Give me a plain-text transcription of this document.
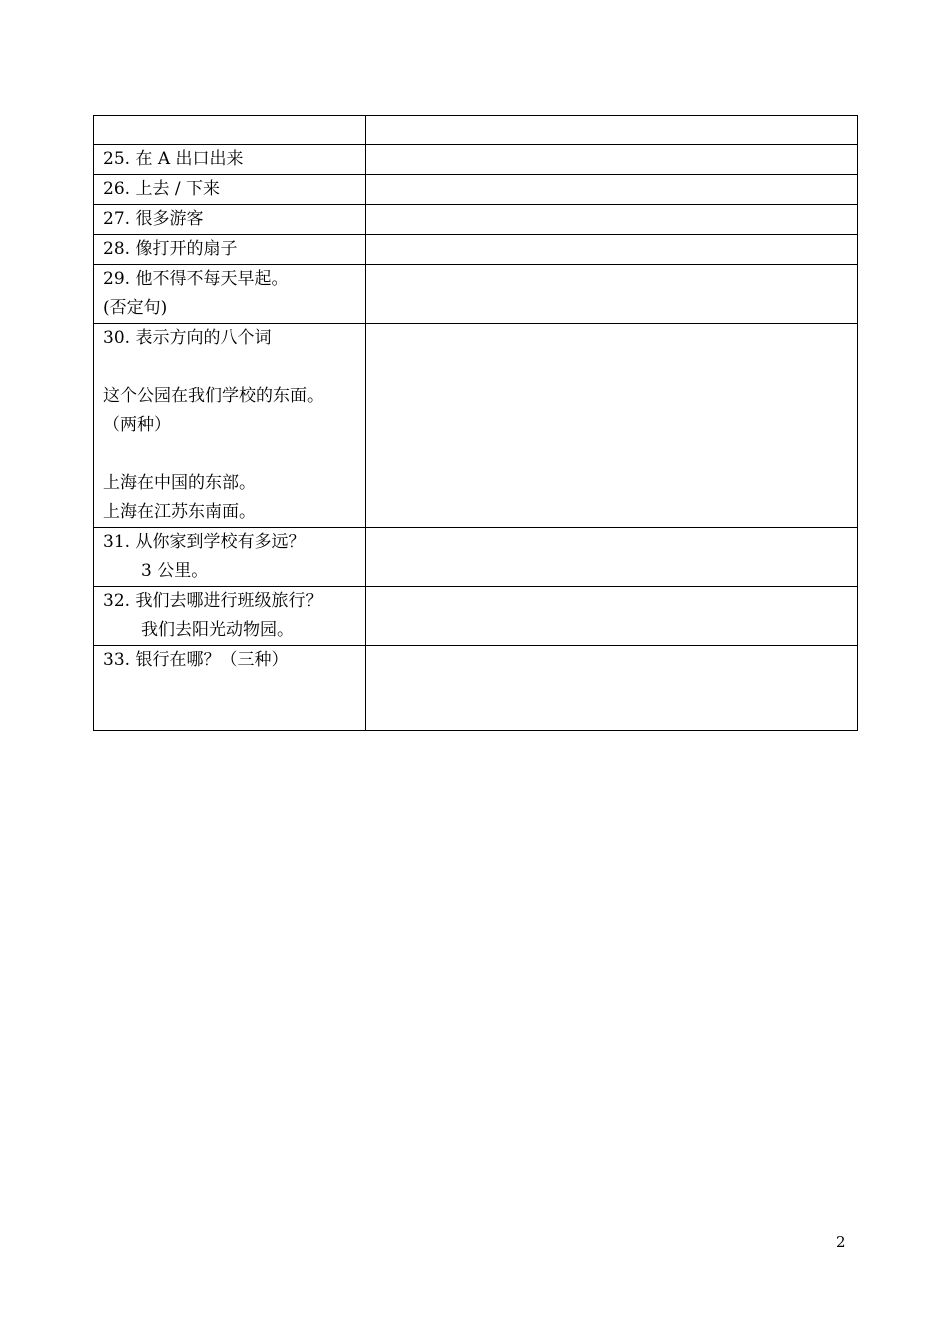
25. 在 A 出口出来	

26. 上去 / 下来	

27. 很多游客	

28. 像打开的扇子	

29. 他不得不每天早起。
(否定句)	

30. 表示方向的八个词
这个公园在我们学校的东面。
（两种）
上海在中国的东部。
上海在江苏东南面。	

31. 从你家到学校有多远？
3 公里。	

32. 我们去哪进行班级旅行？
我们去阳光动物园。	

33. 银行在哪？（三种）	

2
